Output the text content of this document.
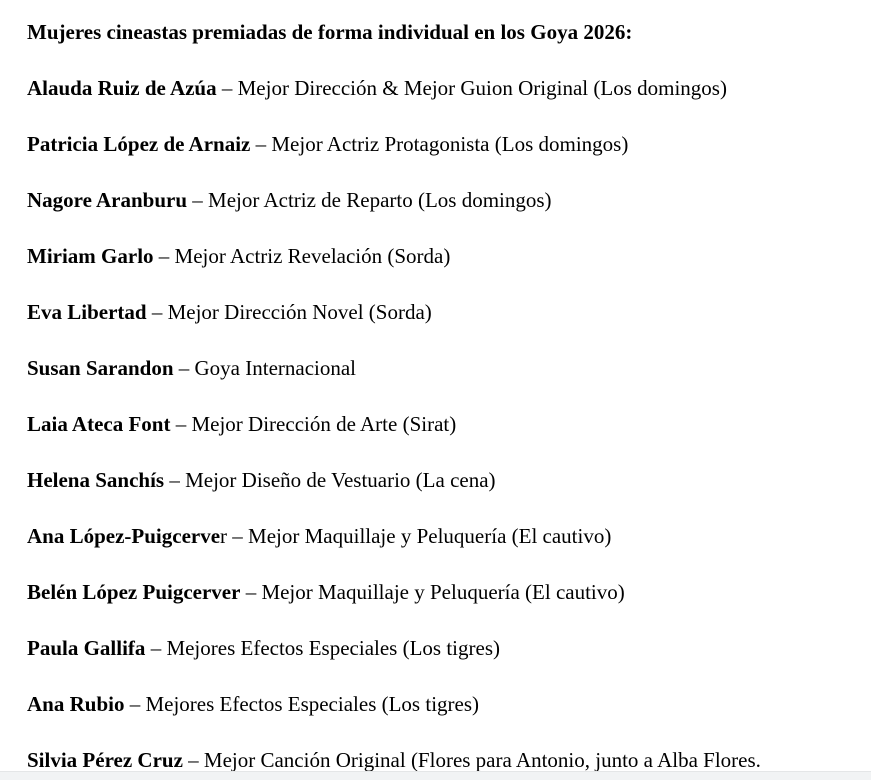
Mujeres cineastas premiadas de forma individual en los Goya 2026:

Alauda Ruiz de Azúa – Mejor Dirección & Mejor Guion Original (Los domingos)

Patricia López de Arnaiz – Mejor Actriz Protagonista (Los domingos)

Nagore Aranburu – Mejor Actriz de Reparto (Los domingos)

Miriam Garlo – Mejor Actriz Revelación (Sorda)

Eva Libertad – Mejor Dirección Novel (Sorda)

Susan Sarandon – Goya Internacional

Laia Ateca Font – Mejor Dirección de Arte (Sirat)

Helena Sanchís – Mejor Diseño de Vestuario (La cena)

Ana López-Puigcerver – Mejor Maquillaje y Peluquería (El cautivo)

Belén López Puigcerver – Mejor Maquillaje y Peluquería (El cautivo)

Paula Gallifa – Mejores Efectos Especiales (Los tigres)

Ana Rubio – Mejores Efectos Especiales (Los tigres)

Silvia Pérez Cruz – Mejor Canción Original (Flores para Antonio, junto a Alba Flores.
